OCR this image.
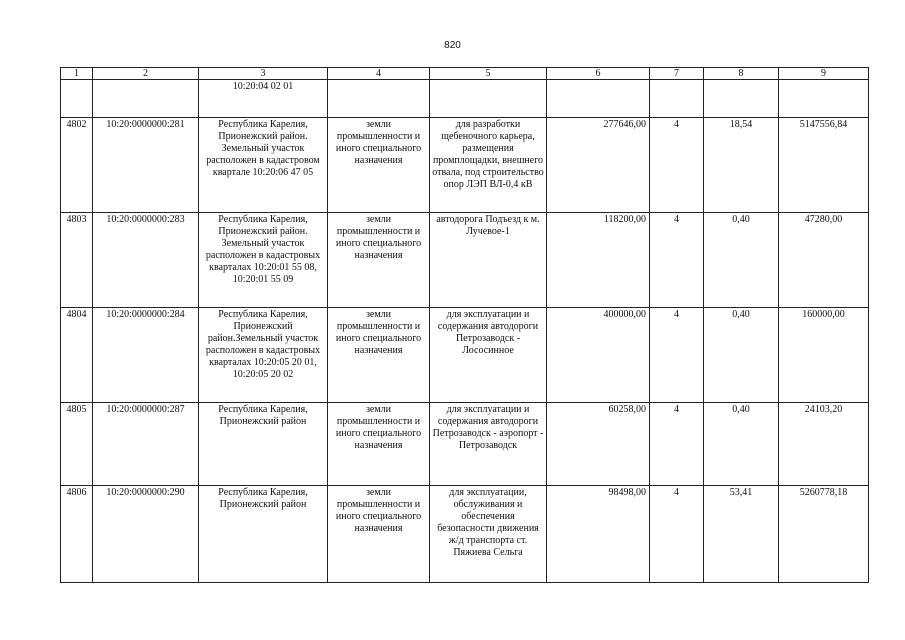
820
1	2	3	4	5	6	7	8	9
		10:20:04 02 01						
4802	10:20:0000000:281	Республика Карелия, Прионежский район. Земельный участок расположен в кадастровом квартале 10:20:06 47 05	земли промышленности и иного специального назначения	для разработки щебеночного карьера, размещения промплощадки, внешнего отвала, под строительство опор ЛЭП ВЛ-0,4 кВ	277646,00	4	18,54	5147556,84
4803	10:20:0000000:283	Республика Карелия, Прионежский район. Земельный участок расположен в кадастровых кварталах 10:20:01 55 08, 10:20:01 55 09	земли промышленности и иного специального назначения	автодорога Подъезд к м. Лучевое-1	118200,00	4	0,40	47280,00
4804	10:20:0000000:284	Республика Карелия, Прионежский район.Земельный участок расположен в кадастровых кварталах 10:20:05 20 01, 10:20:05 20 02	земли промышленности и иного специального назначения	для эксплуатации и содержания автодороги Петрозаводск - Лососинное	400000,00	4	0,40	160000,00
4805	10:20:0000000:287	Республика Карелия, Прионежский район	земли промышленности и иного специального назначения	для эксплуатации и содержания автодороги Петрозаводск - аэропорт - Петрозаводск	60258,00	4	0,40	24103,20
4806	10:20:0000000:290	Республика Карелия, Прионежский район	земли промышленности и иного специального назначения	для эксплуатации, обслуживания и обеспечения безопасности движения ж/д транспорта ст. Пяжиева Сельга	98498,00	4	53,41	5260778,18
